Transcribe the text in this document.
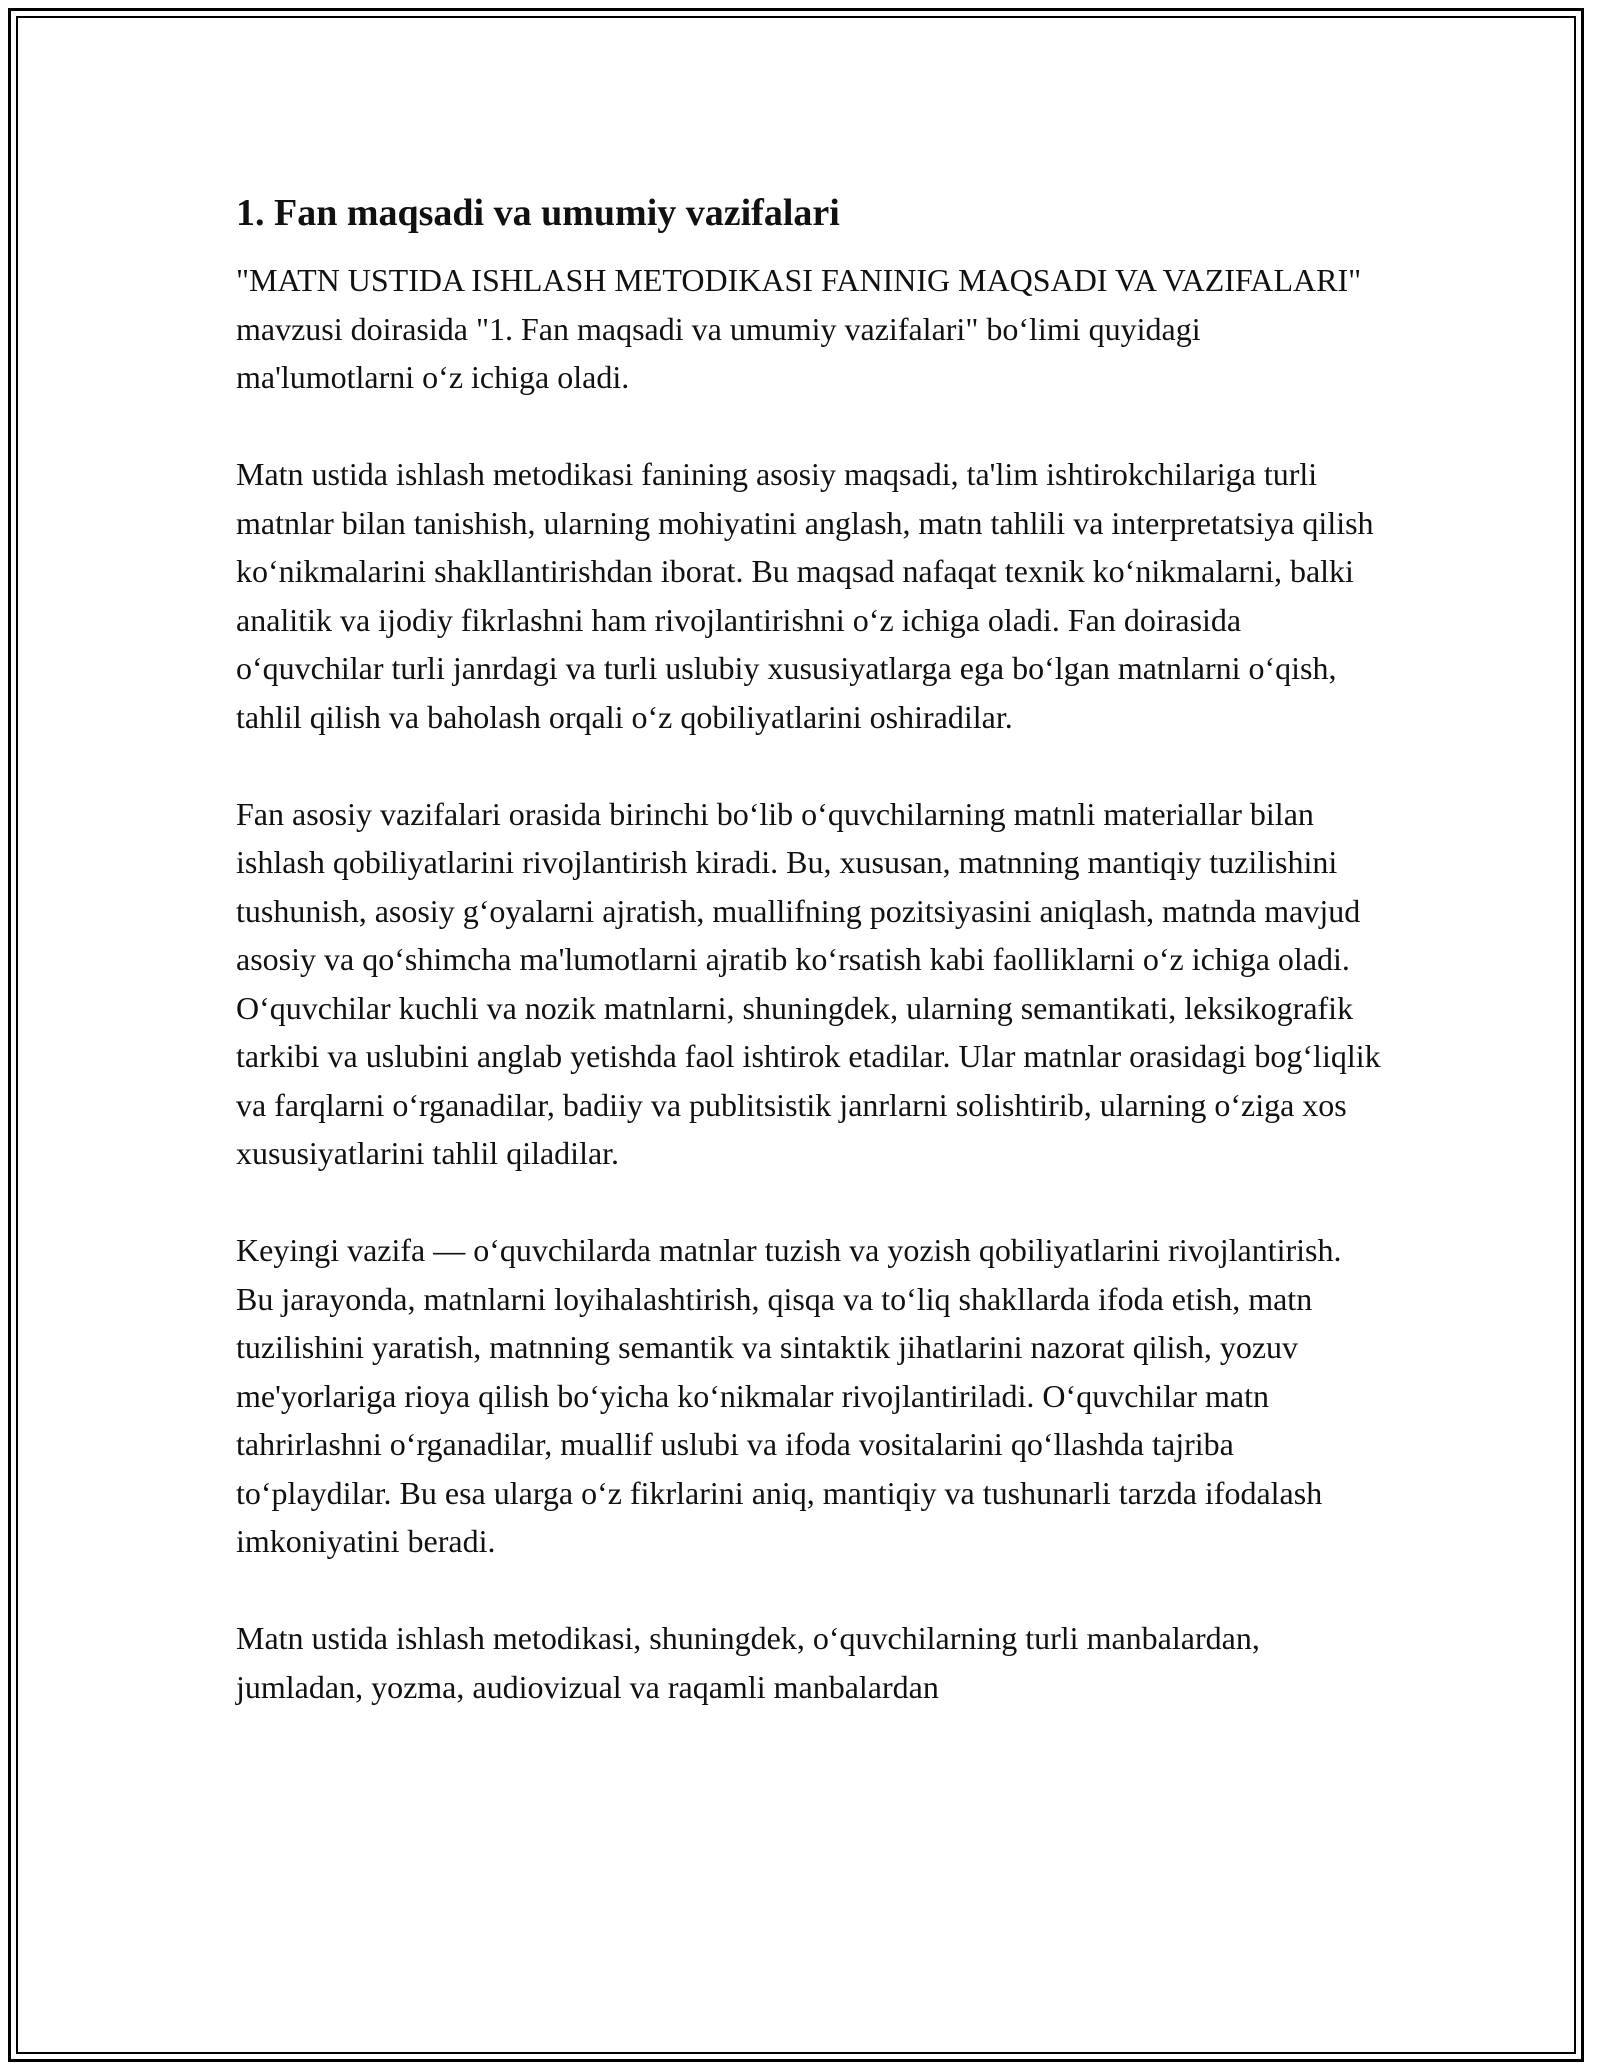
1. Fan maqsadi va umumiy vazifalari

"MATN USTIDA ISHLASH METODIKASI FANINIG MAQSADI VA VAZIFALARI" mavzusi doirasida "1. Fan maqsadi va umumiy vazifalari" bo‘limi quyidagi ma'lumotlarni o‘z ichiga oladi.

Matn ustida ishlash metodikasi fanining asosiy maqsadi, ta'lim ishtirokchilariga turli matnlar bilan tanishish, ularning mohiyatini anglash, matn tahlili va interpretatsiya qilish ko‘nikmalarini shakllantirishdan iborat. Bu maqsad nafaqat texnik ko‘nikmalarni, balki analitik va ijodiy fikrlashni ham rivojlantirishni o‘z ichiga oladi. Fan doirasida o‘quvchilar turli janrdagi va turli uslubiy xususiyatlarga ega bo‘lgan matnlarni o‘qish, tahlil qilish va baholash orqali o‘z qobiliyatlarini oshiradilar.

Fan asosiy vazifalari orasida birinchi bo‘lib o‘quvchilarning matnli materiallar bilan ishlash qobiliyatlarini rivojlantirish kiradi. Bu, xususan, matnning mantiqiy tuzilishini tushunish, asosiy g‘oyalarni ajratish, muallifning pozitsiyasini aniqlash, matnda mavjud asosiy va qo‘shimcha ma'lumotlarni ajratib ko‘rsatish kabi faolliklarni o‘z ichiga oladi. O‘quvchilar kuchli va nozik matnlarni, shuningdek, ularning semantikati, leksikografik tarkibi va uslubini anglab yetishda faol ishtirok etadilar. Ular matnlar orasidagi bog‘liqlik va farqlarni o‘rganadilar, badiiy va publitsistik janrlarni solishtirib, ularning o‘ziga xos xususiyatlarini tahlil qiladilar.

Keyingi vazifa — o‘quvchilarda matnlar tuzish va yozish qobiliyatlarini rivojlantirish. Bu jarayonda, matnlarni loyihalashtirish, qisqa va to‘liq shakllarda ifoda etish, matn tuzilishini yaratish, matnning semantik va sintaktik jihatlarini nazorat qilish, yozuv me'yorlariga rioya qilish bo‘yicha ko‘nikmalar rivojlantiriladi. O‘quvchilar matn tahrirlashni o‘rganadilar, muallif uslubi va ifoda vositalarini qo‘llashda tajriba to‘playdilar. Bu esa ularga o‘z fikrlarini aniq, mantiqiy va tushunarli tarzda ifodalash imkoniyatini beradi.

Matn ustida ishlash metodikasi, shuningdek, o‘quvchilarning turli manbalardan, jumladan, yozma, audiovizual va raqamli manbalardan
